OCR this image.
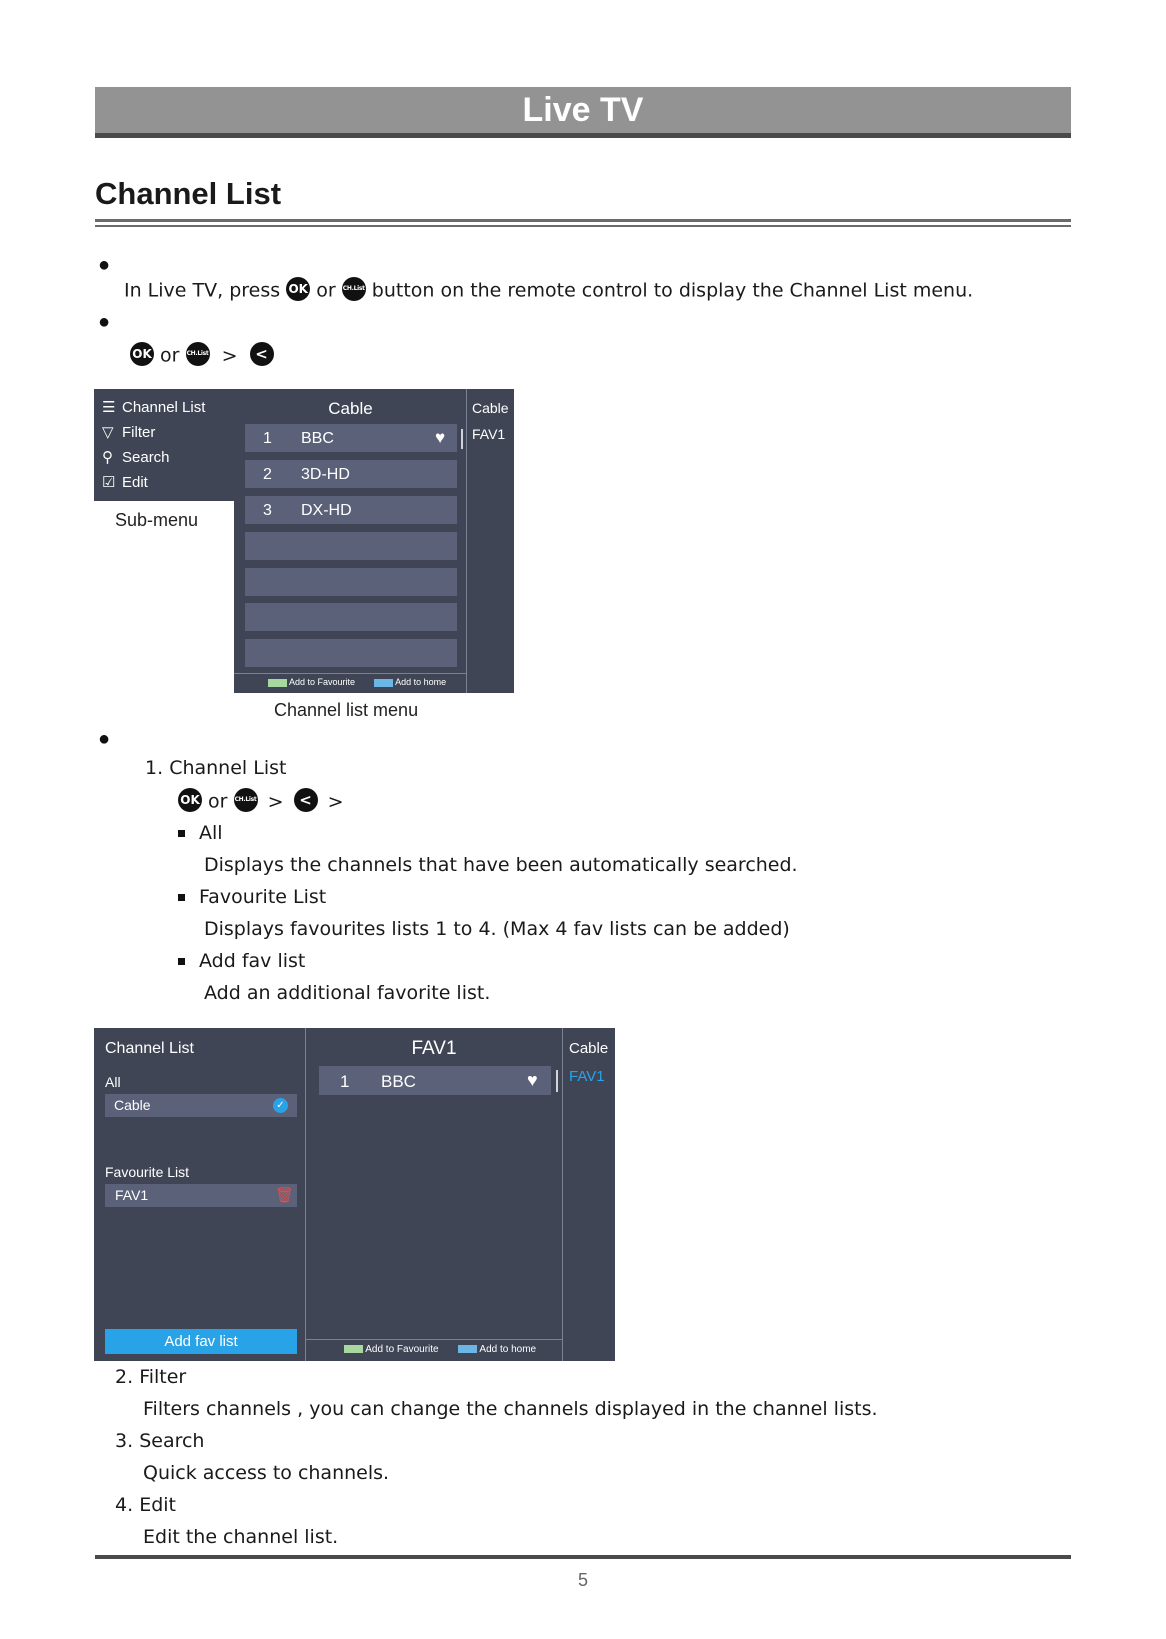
Live TV
Channel List
●
In Live TV, press OK or CH.List button on the remote control to display the Channel List menu.
●
OK or CH.List > <
☰ Channel List
▽ Filter
⚲ Search
☑ Edit
Sub-menu
Cable
1 BBC	♥
2 3D-HD
3 DX-HD
Add to Favourite	Add to home
Cable
FAV1
Channel list menu
●
1. Channel List
OK or CH.List > < >
All
Displays the channels that have been automatically searched.
Favourite List
Displays favourites lists 1 to 4. (Max 4 fav lists can be added)
Add fav list
Add an additional favorite list.
Channel List
All
Cable	✓
Favourite List
FAV1	🗑
Add fav list
FAV1
1 BBC	♥
Add to Favourite	Add to home
Cable
FAV1
2. Filter
Filters channels , you can change the channels displayed in the channel lists.
3. Search
Quick access to channels.
4. Edit
Edit the channel list.
5
